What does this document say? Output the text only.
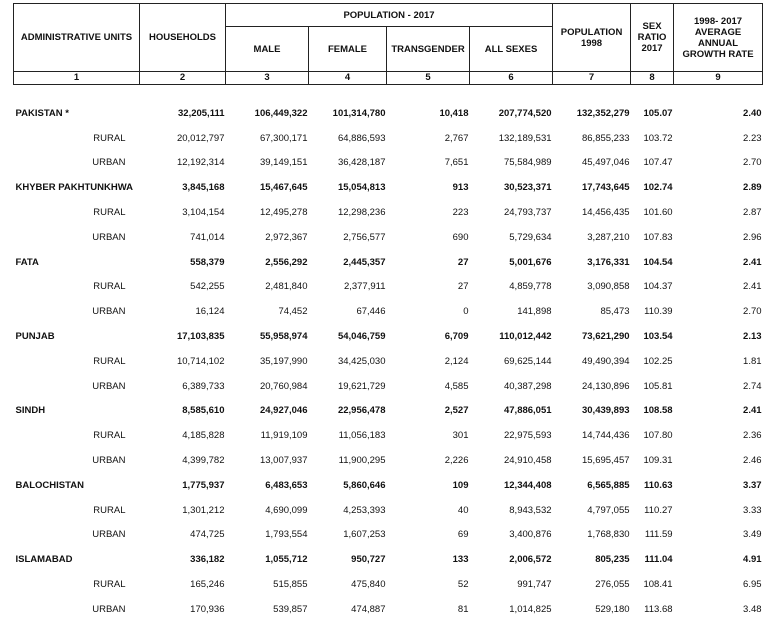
ADMINISTRATIVE UNITS	HOUSEHOLDS	POPULATION - 2017				POPULATION 1998	SEX RATIO 2017	1998- 2017 AVERAGE ANNUAL GROWTH RATE
		MALE	FEMALE	TRANSGENDER	ALL SEXES			
1	2	3	4	5	6	7	8	9

PAKISTAN *	32,205,111	106,449,322	101,314,780	10,418	207,774,520	132,352,279	105.07	2.40
RURAL	20,012,797	67,300,171	64,886,593	2,767	132,189,531	86,855,233	103.72	2.23
URBAN	12,192,314	39,149,151	36,428,187	7,651	75,584,989	45,497,046	107.47	2.70
KHYBER PAKHTUNKHWA	3,845,168	15,467,645	15,054,813	913	30,523,371	17,743,645	102.74	2.89
RURAL	3,104,154	12,495,278	12,298,236	223	24,793,737	14,456,435	101.60	2.87
URBAN	741,014	2,972,367	2,756,577	690	5,729,634	3,287,210	107.83	2.96
FATA	558,379	2,556,292	2,445,357	27	5,001,676	3,176,331	104.54	2.41
RURAL	542,255	2,481,840	2,377,911	27	4,859,778	3,090,858	104.37	2.41
URBAN	16,124	74,452	67,446	0	141,898	85,473	110.39	2.70
PUNJAB	17,103,835	55,958,974	54,046,759	6,709	110,012,442	73,621,290	103.54	2.13
RURAL	10,714,102	35,197,990	34,425,030	2,124	69,625,144	49,490,394	102.25	1.81
URBAN	6,389,733	20,760,984	19,621,729	4,585	40,387,298	24,130,896	105.81	2.74
SINDH	8,585,610	24,927,046	22,956,478	2,527	47,886,051	30,439,893	108.58	2.41
RURAL	4,185,828	11,919,109	11,056,183	301	22,975,593	14,744,436	107.80	2.36
URBAN	4,399,782	13,007,937	11,900,295	2,226	24,910,458	15,695,457	109.31	2.46
BALOCHISTAN	1,775,937	6,483,653	5,860,646	109	12,344,408	6,565,885	110.63	3.37
RURAL	1,301,212	4,690,099	4,253,393	40	8,943,532	4,797,055	110.27	3.33
URBAN	474,725	1,793,554	1,607,253	69	3,400,876	1,768,830	111.59	3.49
ISLAMABAD	336,182	1,055,712	950,727	133	2,006,572	805,235	111.04	4.91
RURAL	165,246	515,855	475,840	52	991,747	276,055	108.41	6.95
URBAN	170,936	539,857	474,887	81	1,014,825	529,180	113.68	3.48
